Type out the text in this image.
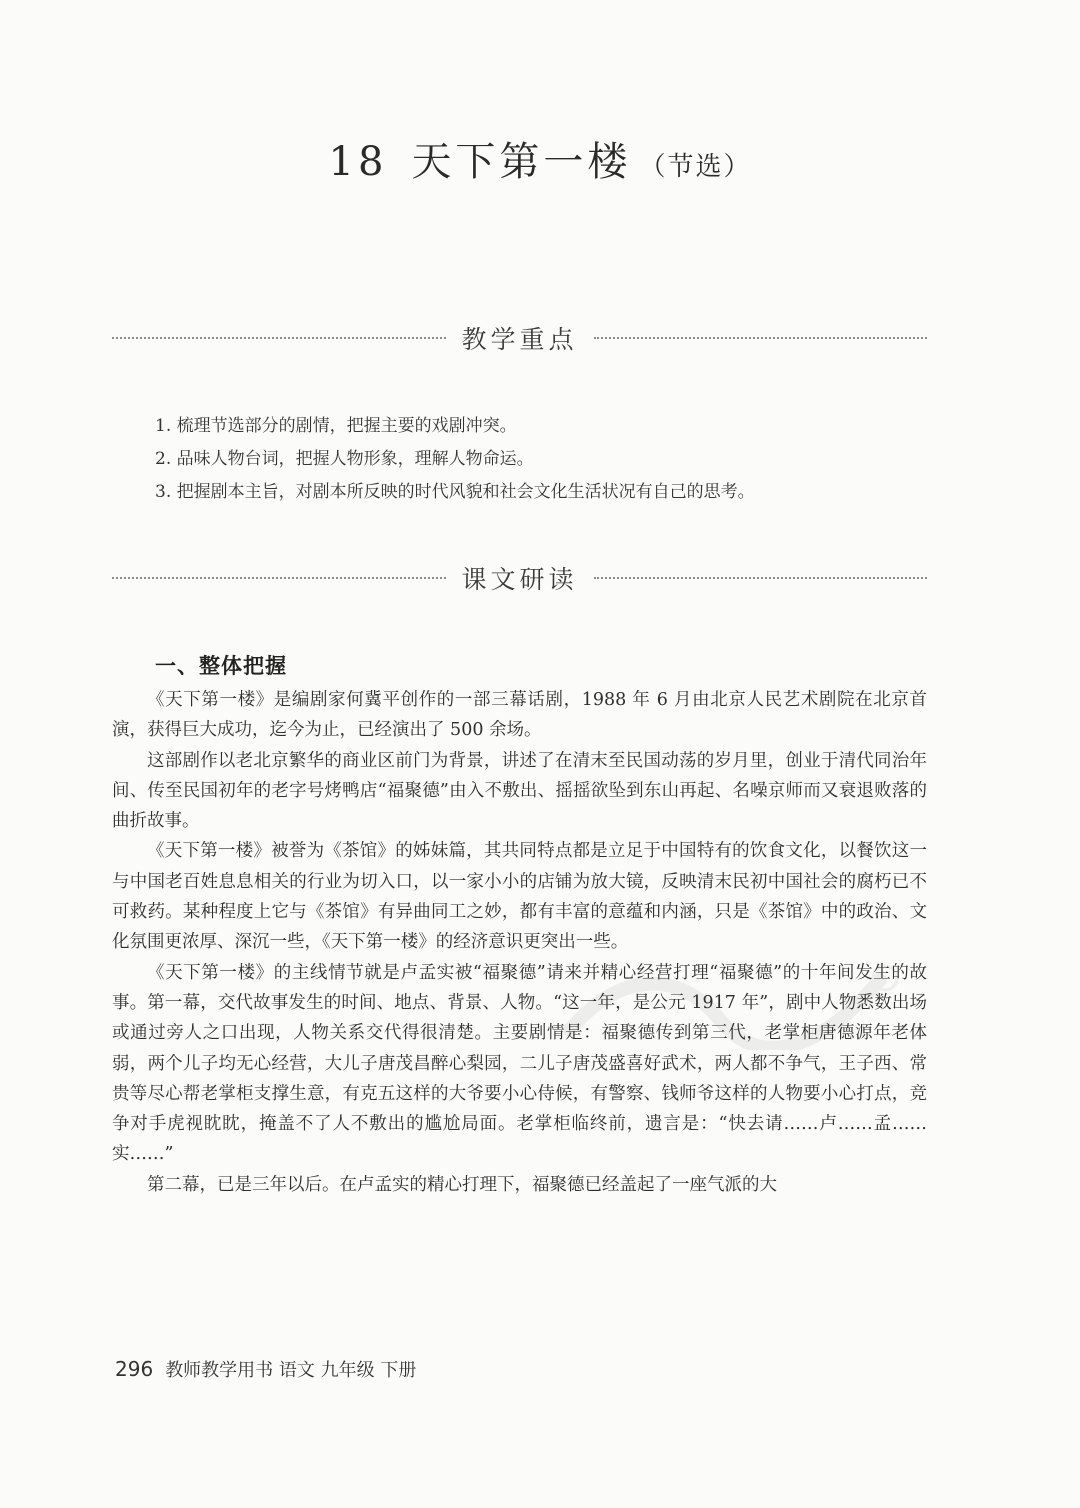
18 天下第一楼 （节选）
教学重点
1. 梳理节选部分的剧情，把握主要的戏剧冲突。
2. 品味人物台词，把握人物形象，理解人物命运。
3. 把握剧本主旨，对剧本所反映的时代风貌和社会文化生活状况有自己的思考。
课文研读
一、整体把握

《天下第一楼》是编剧家何冀平创作的一部三幕话剧，1988 年 6 月由北京人民艺术剧院在北京首演，获得巨大成功，迄今为止，已经演出了 500 余场。

这部剧作以老北京繁华的商业区前门为背景，讲述了在清末至民国动荡的岁月里，创业于清代同治年间、传至民国初年的老字号烤鸭店“福聚德”由入不敷出、摇摇欲坠到东山再起、名噪京师而又衰退败落的曲折故事。

《天下第一楼》被誉为《茶馆》的姊妹篇，其共同特点都是立足于中国特有的饮食文化，以餐饮这一与中国老百姓息息相关的行业为切入口，以一家小小的店铺为放大镜，反映清末民初中国社会的腐朽已不可救药。某种程度上它与《茶馆》有异曲同工之妙，都有丰富的意蕴和内涵，只是《茶馆》中的政治、文化氛围更浓厚、深沉一些，《天下第一楼》的经济意识更突出一些。

《天下第一楼》的主线情节就是卢孟实被“福聚德”请来并精心经营打理“福聚德”的十年间发生的故事。第一幕，交代故事发生的时间、地点、背景、人物。“这一年，是公元 1917 年”，剧中人物悉数出场或通过旁人之口出现，人物关系交代得很清楚。主要剧情是：福聚德传到第三代，老掌柜唐德源年老体弱，两个儿子均无心经营，大儿子唐茂昌醉心梨园，二儿子唐茂盛喜好武术，两人都不争气，王子西、常贵等尽心帮老掌柜支撑生意，有克五这样的大爷要小心侍候，有警察、钱师爷这样的人物要小心打点，竞争对手虎视眈眈，掩盖不了人不敷出的尴尬局面。老掌柜临终前，遗言是：“快去请……卢……孟……实……”

第二幕，已是三年以后。在卢孟实的精心打理下，福聚德已经盖起了一座气派的大

296 教师教学用书 语文 九年级 下册
